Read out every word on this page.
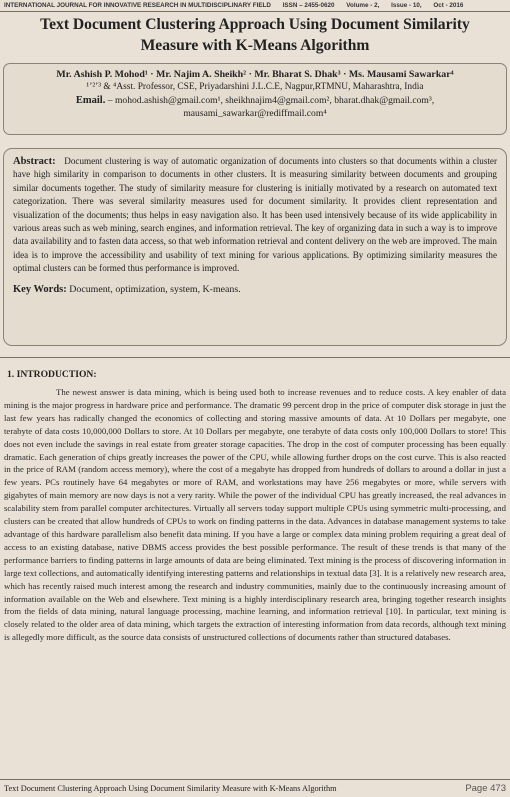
INTERNATIONAL JOURNAL FOR INNOVATIVE RESEARCH IN MULTIDISCIPLINARY FIELD ISSN – 2455-0620 Volume - 2, Issue - 10, Oct - 2016
Text Document Clustering Approach Using Document Similarity
Measure with K-Means Algorithm
Mr. Ashish P. Mohod¹ · Mr. Najim A. Sheikh² · Mr. Bharat S. Dhak³ · Ms. Mausami Sawarkar⁴
¹ʼ²ʼ³ & ⁴Asst. Professor, CSE, Priyadarshini J.L.C.E, Nagpur,RTMNU, Maharashtra, India
Email. – mohod.ashish@gmail.com¹, sheikhnajim4@gmail.com², bharat.dhak@gmail.com³,
mausami_sawarkar@rediffmail.com⁴
Abstract: Document clustering is way of automatic organization of documents into clusters so that documents within a cluster have high similarity in comparison to documents in other clusters. It is measuring similarity between documents and grouping similar documents together. The study of similarity measure for clustering is initially motivated by a research on automated text categorization. There was several similarity measures used for document similarity. It provides client representation and visualization of the documents; thus helps in easy navigation also. It has been used intensively because of its wide applicability in various areas such as web mining, search engines, and information retrieval. The key of organizing data in such a way is to improve data availability and to fasten data access, so that web information retrieval and content delivery on the web are improved. The main idea is to improve the accessibility and usability of text mining for various applications. By optimizing similarity measures the optimal clusters can be formed thus performance is improved.
Key Words: Document, optimization, system, K-means.
1. INTRODUCTION:
The newest answer is data mining, which is being used both to increase revenues and to reduce costs. A key enabler of data mining is the major progress in hardware price and performance. The dramatic 99 percent drop in the price of computer disk storage in just the last few years has radically changed the economics of collecting and storing massive amounts of data. At 10 Dollars per megabyte, one terabyte of data costs 10,000,000 Dollars to store. At 10 Dollars per megabyte, one terabyte of data costs only 100,000 Dollars to store! This does not even include the savings in real estate from greater storage capacities. The drop in the cost of computer processing has been equally dramatic. Each generation of chips greatly increases the power of the CPU, while allowing further drops on the cost curve. This is also reacted in the price of RAM (random access memory), where the cost of a megabyte has dropped from hundreds of dollars to around a dollar in just a few years. PCs routinely have 64 megabytes or more of RAM, and workstations may have 256 megabytes or more, while servers with gigabytes of main memory are now days is not a very rarity. While the power of the individual CPU has greatly increased, the real advances in scalability stem from parallel computer architectures. Virtually all servers today support multiple CPUs using symmetric multi-processing, and clusters can be created that allow hundreds of CPUs to work on finding patterns in the data. Advances in database management systems to take advantage of this hardware parallelism also benefit data mining. If you have a large or complex data mining problem requiring a great deal of access to an existing database, native DBMS access provides the best possible performance. The result of these trends is that many of the performance barriers to finding patterns in large amounts of data are being eliminated. Text mining is the process of discovering information in large text collections, and automatically identifying interesting patterns and relationships in textual data [3]. It is a relatively new research area, which has recently raised much interest among the research and industry communities, mainly due to the continuously increasing amount of information available on the Web and elsewhere. Text mining is a highly interdisciplinary research area, bringing together research insights from the fields of data mining, natural language processing, machine learning, and information retrieval [10]. In particular, text mining is closely related to the older area of data mining, which targets the extraction of interesting information from data records, although text mining is allegedly more difficult, as the source data consists of unstructured collections of documents rather than structured databases.
Text Document Clustering Approach Using Document Similarity Measure with K-Means Algorithm	Page 473
